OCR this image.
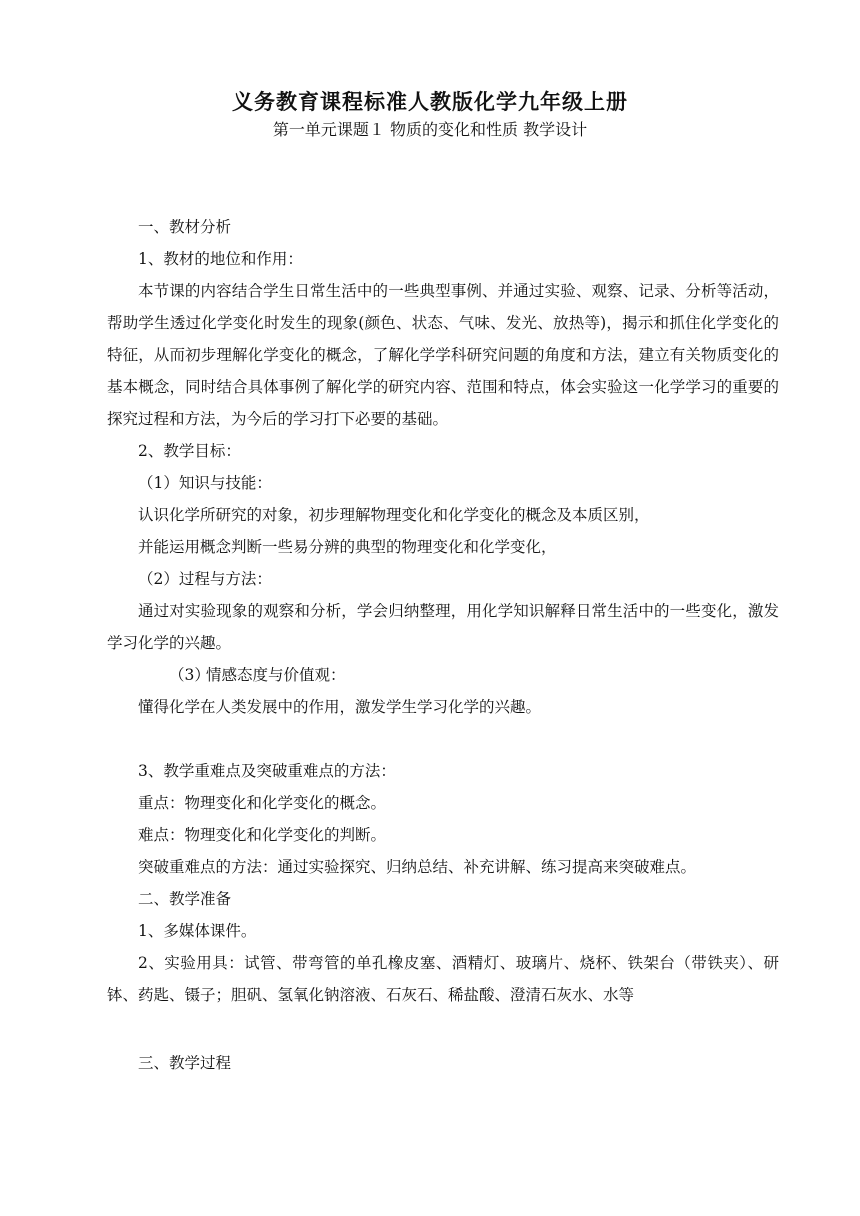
义务教育课程标准人教版化学九年级上册
第一单元课题１ 物质的变化和性质 教学设计

一、教材分析

1、教材的地位和作用：

本节课的内容结合学生日常生活中的一些典型事例、并通过实验、观察、记录、分析等活动，帮助学生透过化学变化时发生的现象(颜色、状态、气味、发光、放热等)，揭示和抓住化学变化的特征，从而初步理解化学变化的概念，了解化学学科研究问题的角度和方法，建立有关物质变化的基本概念，同时结合具体事例了解化学的研究内容、范围和特点，体会实验这一化学学习的重要的探究过程和方法，为今后的学习打下必要的基础。

2、教学目标：

（1）知识与技能：

认识化学所研究的对象，初步理解物理变化和化学变化的概念及本质区别，

并能运用概念判断一些易分辨的典型的物理变化和化学变化，

（2）过程与方法：

通过对实验现象的观察和分析，学会归纳整理，用化学知识解释日常生活中的一些变化，激发学习化学的兴趣。

（3）情感态度与价值观：

懂得化学在人类发展中的作用，激发学生学习化学的兴趣。

3、教学重难点及突破重难点的方法：

重点：物理变化和化学变化的概念。

难点：物理变化和化学变化的判断。

突破重难点的方法：通过实验探究、归纳总结、补充讲解、练习提高来突破难点。

二、教学准备

1、多媒体课件。

2、实验用具：试管、带弯管的单孔橡皮塞、酒精灯、玻璃片、烧杯、铁架台（带铁夹）、研钵、药匙、镊子；胆矾、氢氧化钠溶液、石灰石、稀盐酸、澄清石灰水、水等

三、教学过程
